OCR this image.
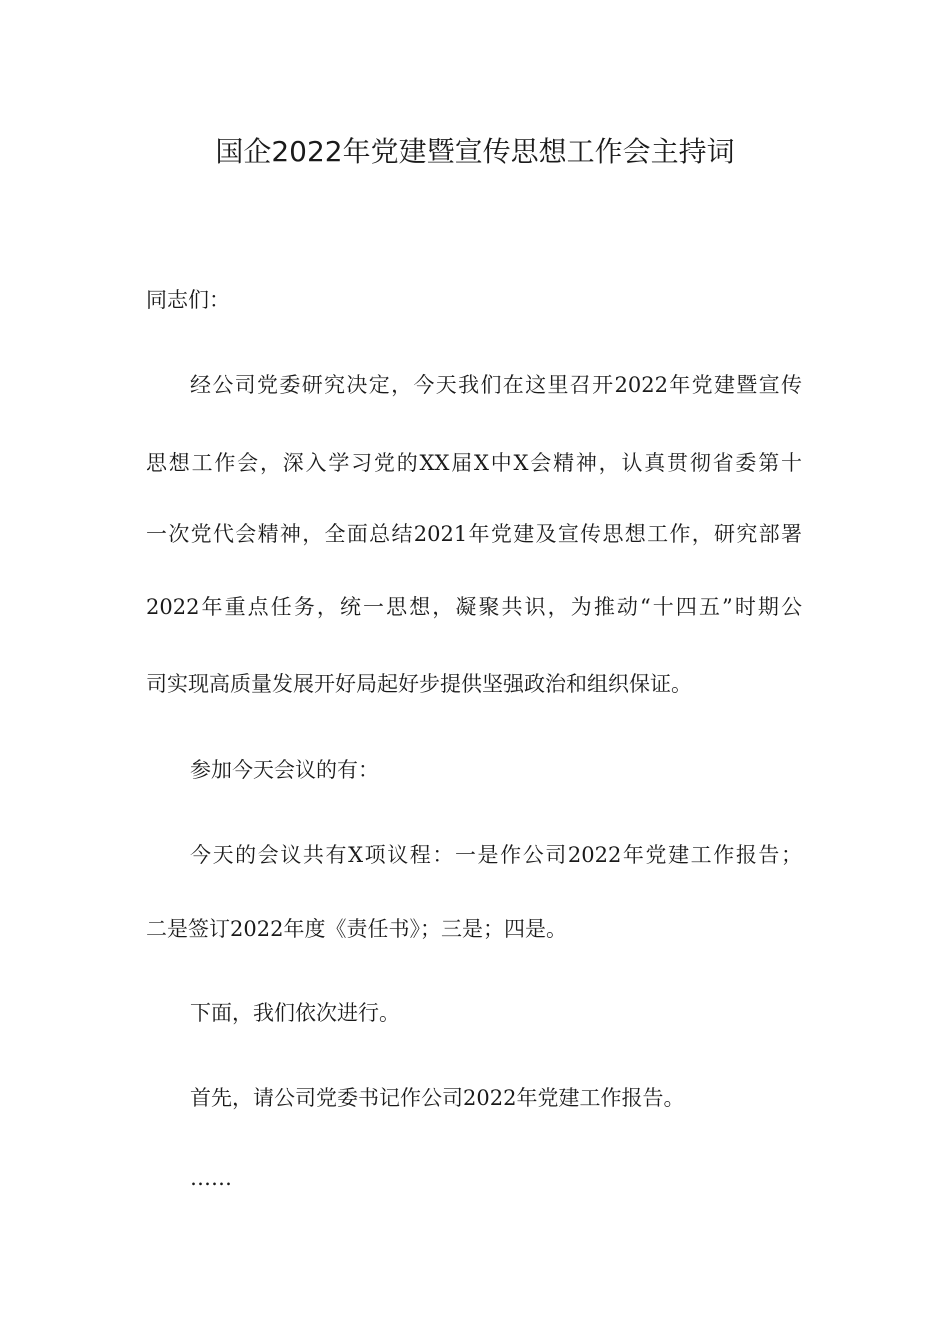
国企2022年党建暨宣传思想工作会主持词

同志们：

经公司党委研究决定，今天我们在这里召开2022年党建暨宣传

思想工作会，深入学习党的XX届X中X会精神，认真贯彻省委第十

一次党代会精神，全面总结2021年党建及宣传思想工作，研究部署

2022年重点任务，统一思想，凝聚共识，为推动“十四五”时期公

司实现高质量发展开好局起好步提供坚强政治和组织保证。

参加今天会议的有：

今天的会议共有X项议程：一是作公司2022年党建工作报告；

二是签订2022年度《责任书》；三是；四是。

下面，我们依次进行。

首先，请公司党委书记作公司2022年党建工作报告。

……
